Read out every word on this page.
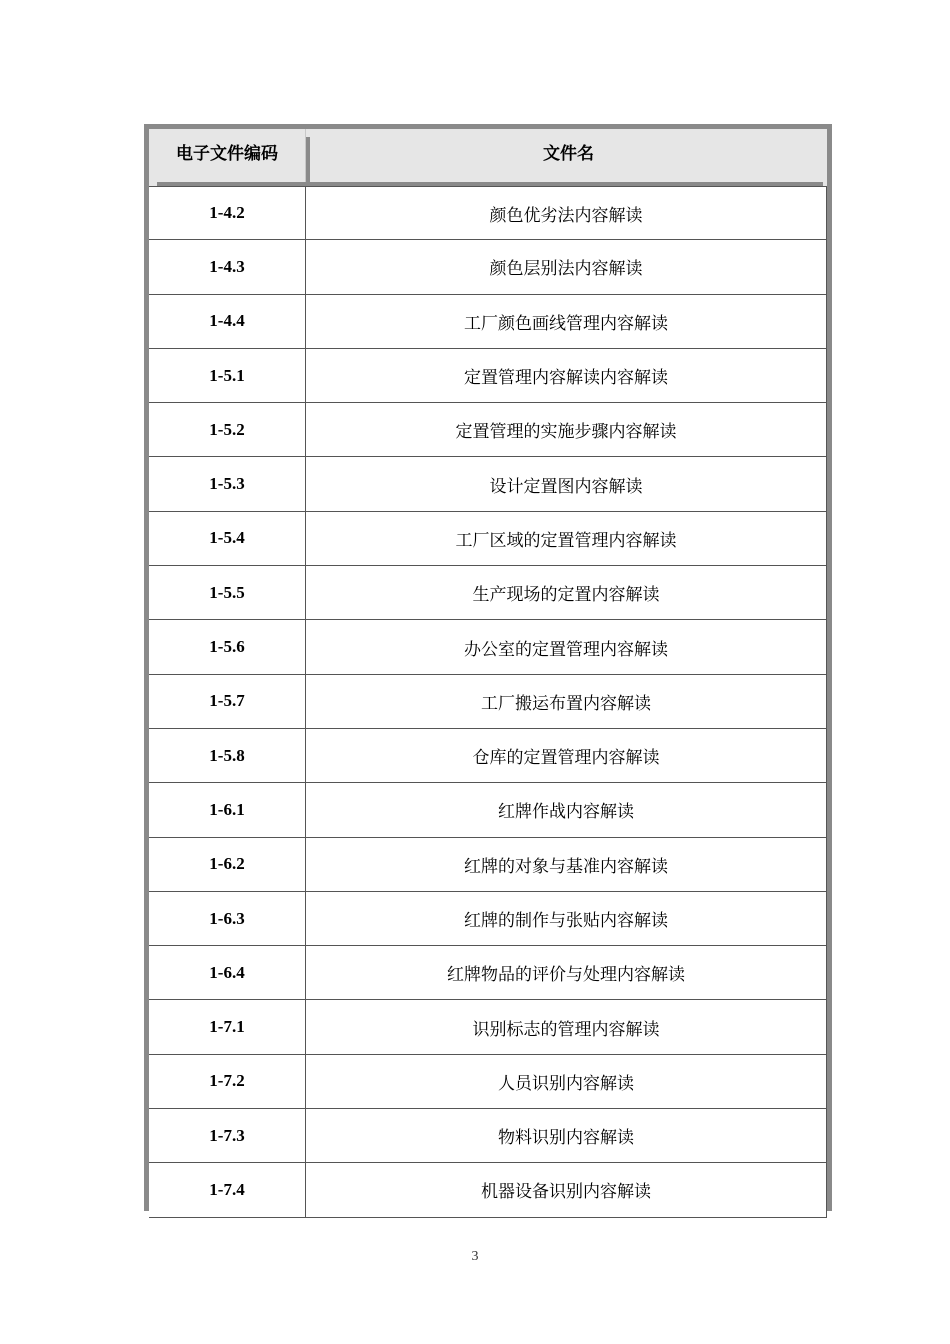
电子文件编码	文件名
1-4.2	颜色优劣法内容解读
1-4.3	颜色层别法内容解读
1-4.4	工厂颜色画线管理内容解读
1-5.1	定置管理内容解读内容解读
1-5.2	定置管理的实施步骤内容解读
1-5.3	设计定置图内容解读
1-5.4	工厂区域的定置管理内容解读
1-5.5	生产现场的定置内容解读
1-5.6	办公室的定置管理内容解读
1-5.7	工厂搬运布置内容解读
1-5.8	仓库的定置管理内容解读
1-6.1	红牌作战内容解读
1-6.2	红牌的对象与基准内容解读
1-6.3	红牌的制作与张贴内容解读
1-6.4	红牌物品的评价与处理内容解读
1-7.1	识别标志的管理内容解读
1-7.2	人员识别内容解读
1-7.3	物料识别内容解读
1-7.4	机器设备识别内容解读
3
